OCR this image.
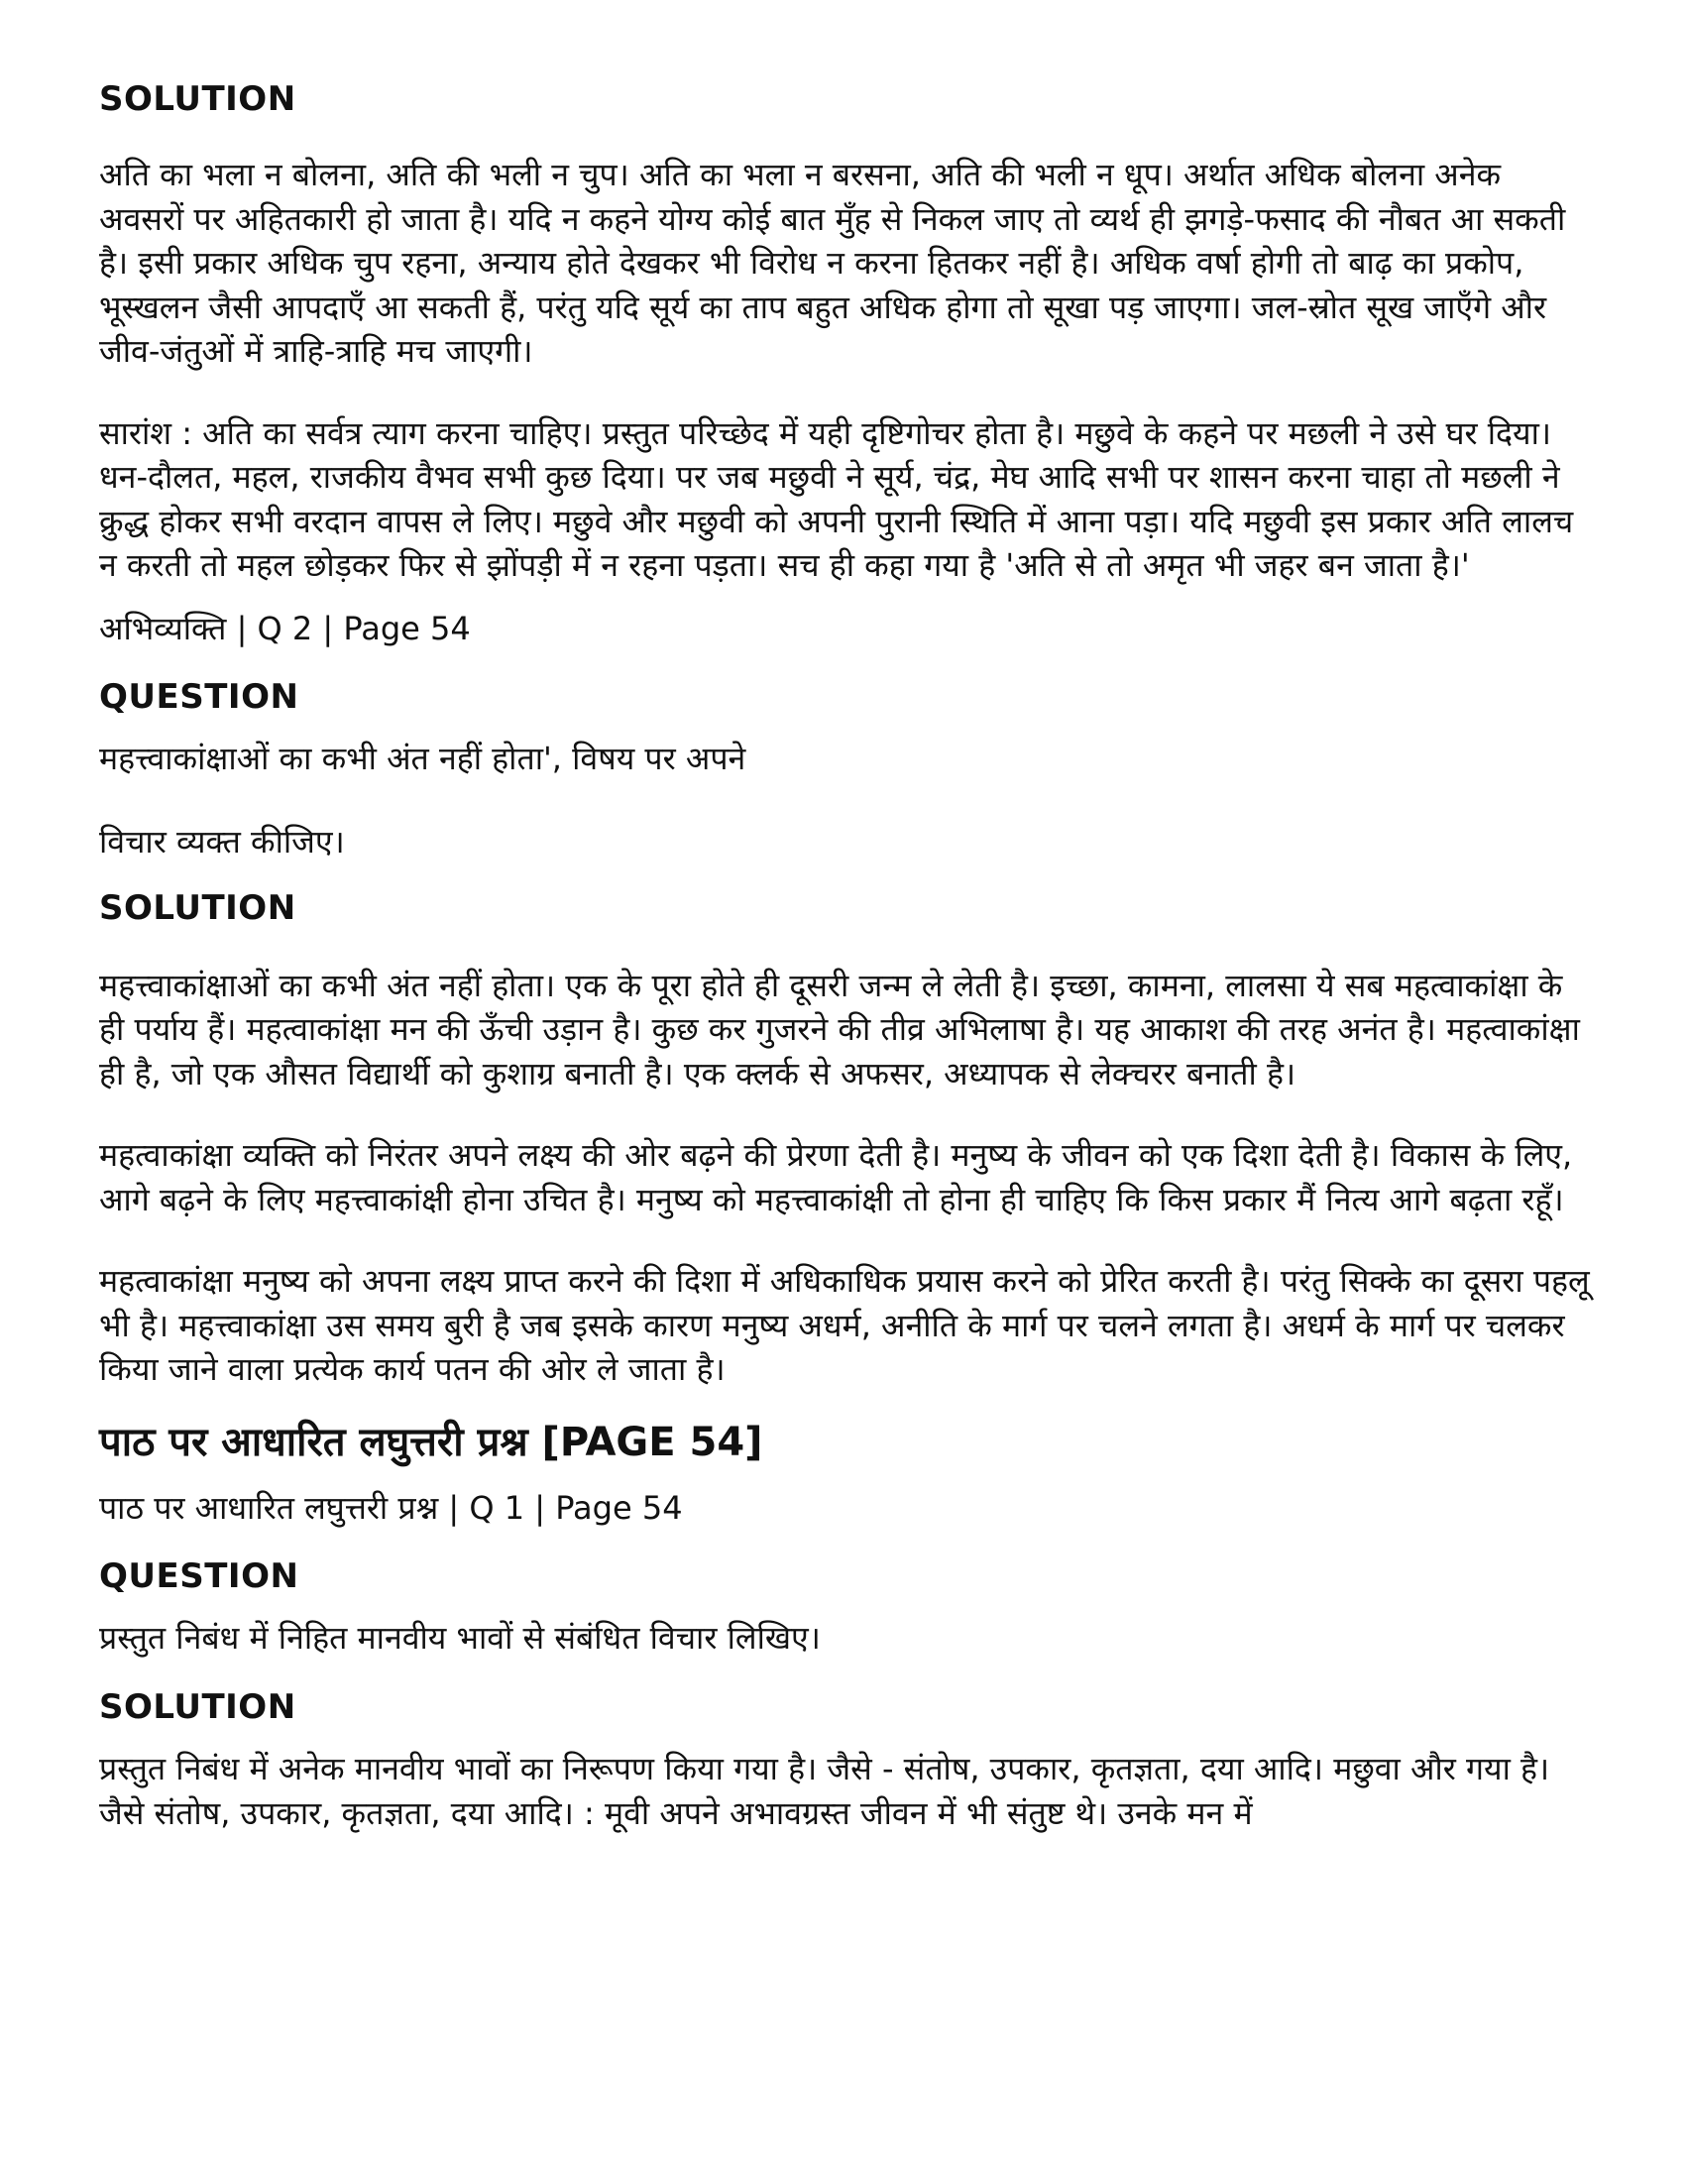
SOLUTION

अति का भला न बोलना, अति की भली न चुप। अति का भला न बरसना, अति की भली न धूप। अर्थात अधिक बोलना अनेक अवसरों पर अहितकारी हो जाता है। यदि न कहने योग्य कोई बात मुँह से निकल जाए तो व्यर्थ ही झगड़े-फसाद की नौबत आ सकती है। इसी प्रकार अधिक चुप रहना, अन्याय होते देखकर भी विरोध न करना हितकर नहीं है। अधिक वर्षा होगी तो बाढ़ का प्रकोप, भूस्खलन जैसी आपदाएँ आ सकती हैं, परंतु यदि सूर्य का ताप बहुत अधिक होगा तो सूखा पड़ जाएगा। जल-स्रोत सूख जाएँगे और जीव-जंतुओं में त्राहि-त्राहि मच जाएगी।

सारांश : अति का सर्वत्र त्याग करना चाहिए। प्रस्तुत परिच्छेद में यही दृष्टिगोचर होता है। मछुवे के कहने पर मछली ने उसे घर दिया। धन-दौलत, महल, राजकीय वैभव सभी कुछ दिया। पर जब मछुवी ने सूर्य, चंद्र, मेघ आदि सभी पर शासन करना चाहा तो मछली ने क्रुद्ध होकर सभी वरदान वापस ले लिए। मछुवे और मछुवी को अपनी पुरानी स्थिति में आना पड़ा। यदि मछुवी इस प्रकार अति लालच न करती तो महल छोड़कर फिर से झोंपड़ी में न रहना पड़ता। सच ही कहा गया है 'अति से तो अमृत भी जहर बन जाता है।'

अभिव्यक्ति | Q 2 | Page 54

QUESTION

महत्त्वाकांक्षाओं का कभी अंत नहीं होता', विषय पर अपने

विचार व्यक्त कीजिए।

SOLUTION

महत्त्वाकांक्षाओं का कभी अंत नहीं होता। एक के पूरा होते ही दूसरी जन्म ले लेती है। इच्छा, कामना, लालसा ये सब महत्वाकांक्षा के ही पर्याय हैं। महत्वाकांक्षा मन की ऊँची उड़ान है। कुछ कर गुजरने की तीव्र अभिलाषा है। यह आकाश की तरह अनंत है। महत्वाकांक्षा ही है, जो एक औसत विद्यार्थी को कुशाग्र बनाती है। एक क्लर्क से अफसर, अध्यापक से लेक्चरर बनाती है।

महत्वाकांक्षा व्यक्ति को निरंतर अपने लक्ष्य की ओर बढ़ने की प्रेरणा देती है। मनुष्य के जीवन को एक दिशा देती है। विकास के लिए, आगे बढ़ने के लिए महत्त्वाकांक्षी होना उचित है। मनुष्य को महत्त्वाकांक्षी तो होना ही चाहिए कि किस प्रकार मैं नित्य आगे बढ़ता रहूँ।

महत्वाकांक्षा मनुष्य को अपना लक्ष्य प्राप्त करने की दिशा में अधिकाधिक प्रयास करने को प्रेरित करती है। परंतु सिक्के का दूसरा पहलू भी है। महत्त्वाकांक्षा उस समय बुरी है जब इसके कारण मनुष्य अधर्म, अनीति के मार्ग पर चलने लगता है। अधर्म के मार्ग पर चलकर किया जाने वाला प्रत्येक कार्य पतन की ओर ले जाता है।

पाठ पर आधारित लघुत्तरी प्रश्न [PAGE 54]

पाठ पर आधारित लघुत्तरी प्रश्न | Q 1 | Page 54

QUESTION

प्रस्तुत निबंध में निहित मानवीय भावों से संबंधित विचार लिखिए।

SOLUTION

प्रस्तुत निबंध में अनेक मानवीय भावों का निरूपण किया गया है। जैसे - संतोष, उपकार, कृतज्ञता, दया आदि। मछुवा और गया है। जैसे संतोष, उपकार, कृतज्ञता, दया आदि। : मूवी अपने अभावग्रस्त जीवन में भी संतुष्ट थे। उनके मन में
